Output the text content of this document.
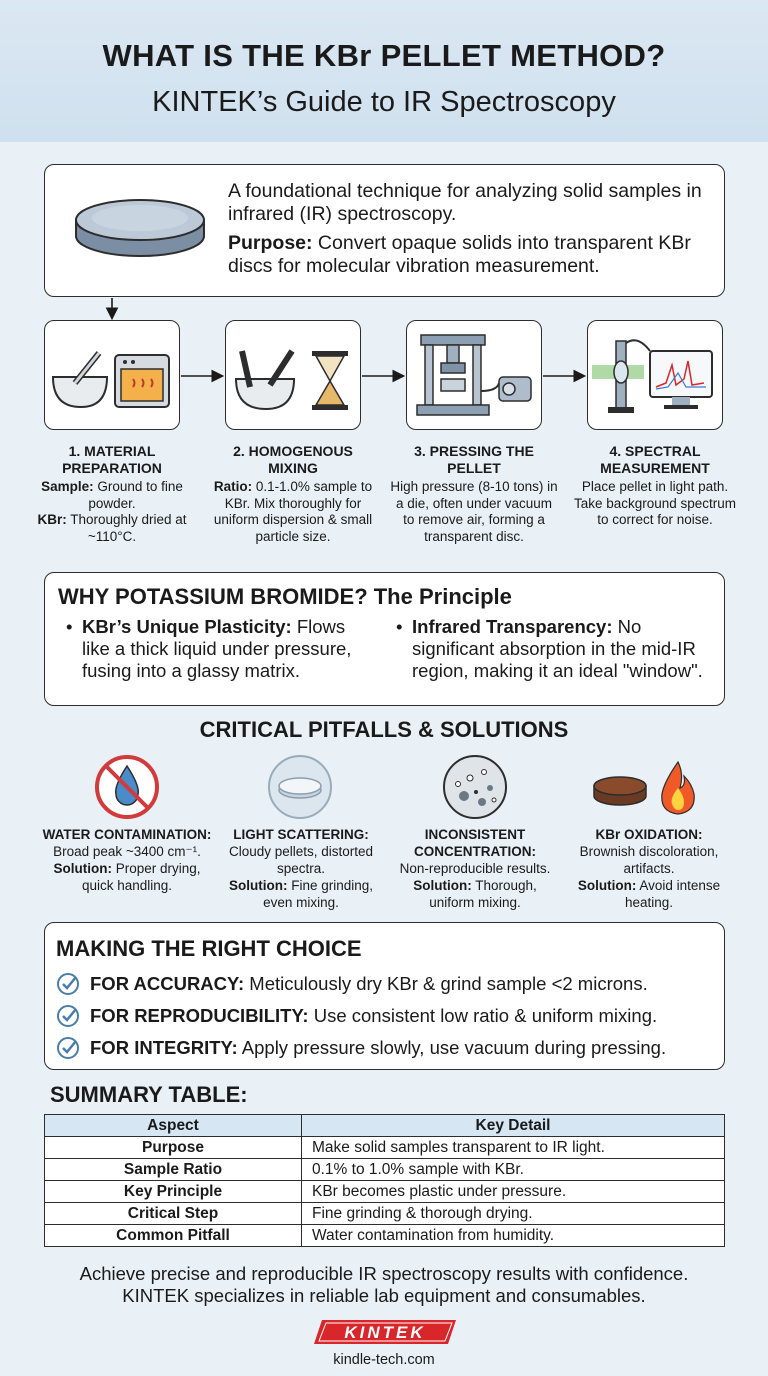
WHAT IS THE KBr PELLET METHOD?
KINTEK’s Guide to IR Spectroscopy

A foundational technique for analyzing solid samples in infrared (IR) spectroscopy.

Purpose: Convert opaque solids into transparent KBr discs for molecular vibration measurement.

1. MATERIAL PREPARATION
Sample: Ground to fine powder.
KBr: Thoroughly dried at ~110°C.
2. HOMOGENOUS MIXING
Ratio: 0.1-1.0% sample to KBr. Mix thoroughly for uniform dispersion & small particle size.
3. PRESSING THE PELLET
High pressure (8-10 tons) in a die, often under vacuum to remove air, forming a transparent disc.
4. SPECTRAL MEASUREMENT
Place pellet in light path. Take background spectrum to correct for noise.
WHY POTASSIUM BROMIDE? The Principle
• KBr’s Unique Plasticity: Flows like a thick liquid under pressure, fusing into a glassy matrix.
• Infrared Transparency: No significant absorption in the mid-IR region, making it an ideal "window".
CRITICAL PITFALLS & SOLUTIONS
WATER CONTAMINATION:
Broad peak ~3400 cm⁻¹.
Solution: Proper drying, quick handling.
LIGHT SCATTERING:
Cloudy pellets, distorted spectra.
Solution: Fine grinding, even mixing.
INCONSISTENT CONCENTRATION:
Non-reproducible results.
Solution: Thorough, uniform mixing.
KBr OXIDATION:
Brownish discoloration, artifacts.
Solution: Avoid intense heating.
MAKING THE RIGHT CHOICE
FOR ACCURACY: Meticulously dry KBr & grind sample <2 microns.
FOR REPRODUCIBILITY: Use consistent low ratio & uniform mixing.
FOR INTEGRITY: Apply pressure slowly, use vacuum during pressing.
SUMMARY TABLE:
Aspect	Key Detail
Purpose	Make solid samples transparent to IR light.
Sample Ratio	0.1% to 1.0% sample with KBr.
Key Principle	KBr becomes plastic under pressure.
Critical Step	Fine grinding & thorough drying.
Common Pitfall	Water contamination from humidity.
Achieve precise and reproducible IR spectroscopy results with confidence.
KINTEK specializes in reliable lab equipment and consumables.
KINTEK
kindle-tech.com
